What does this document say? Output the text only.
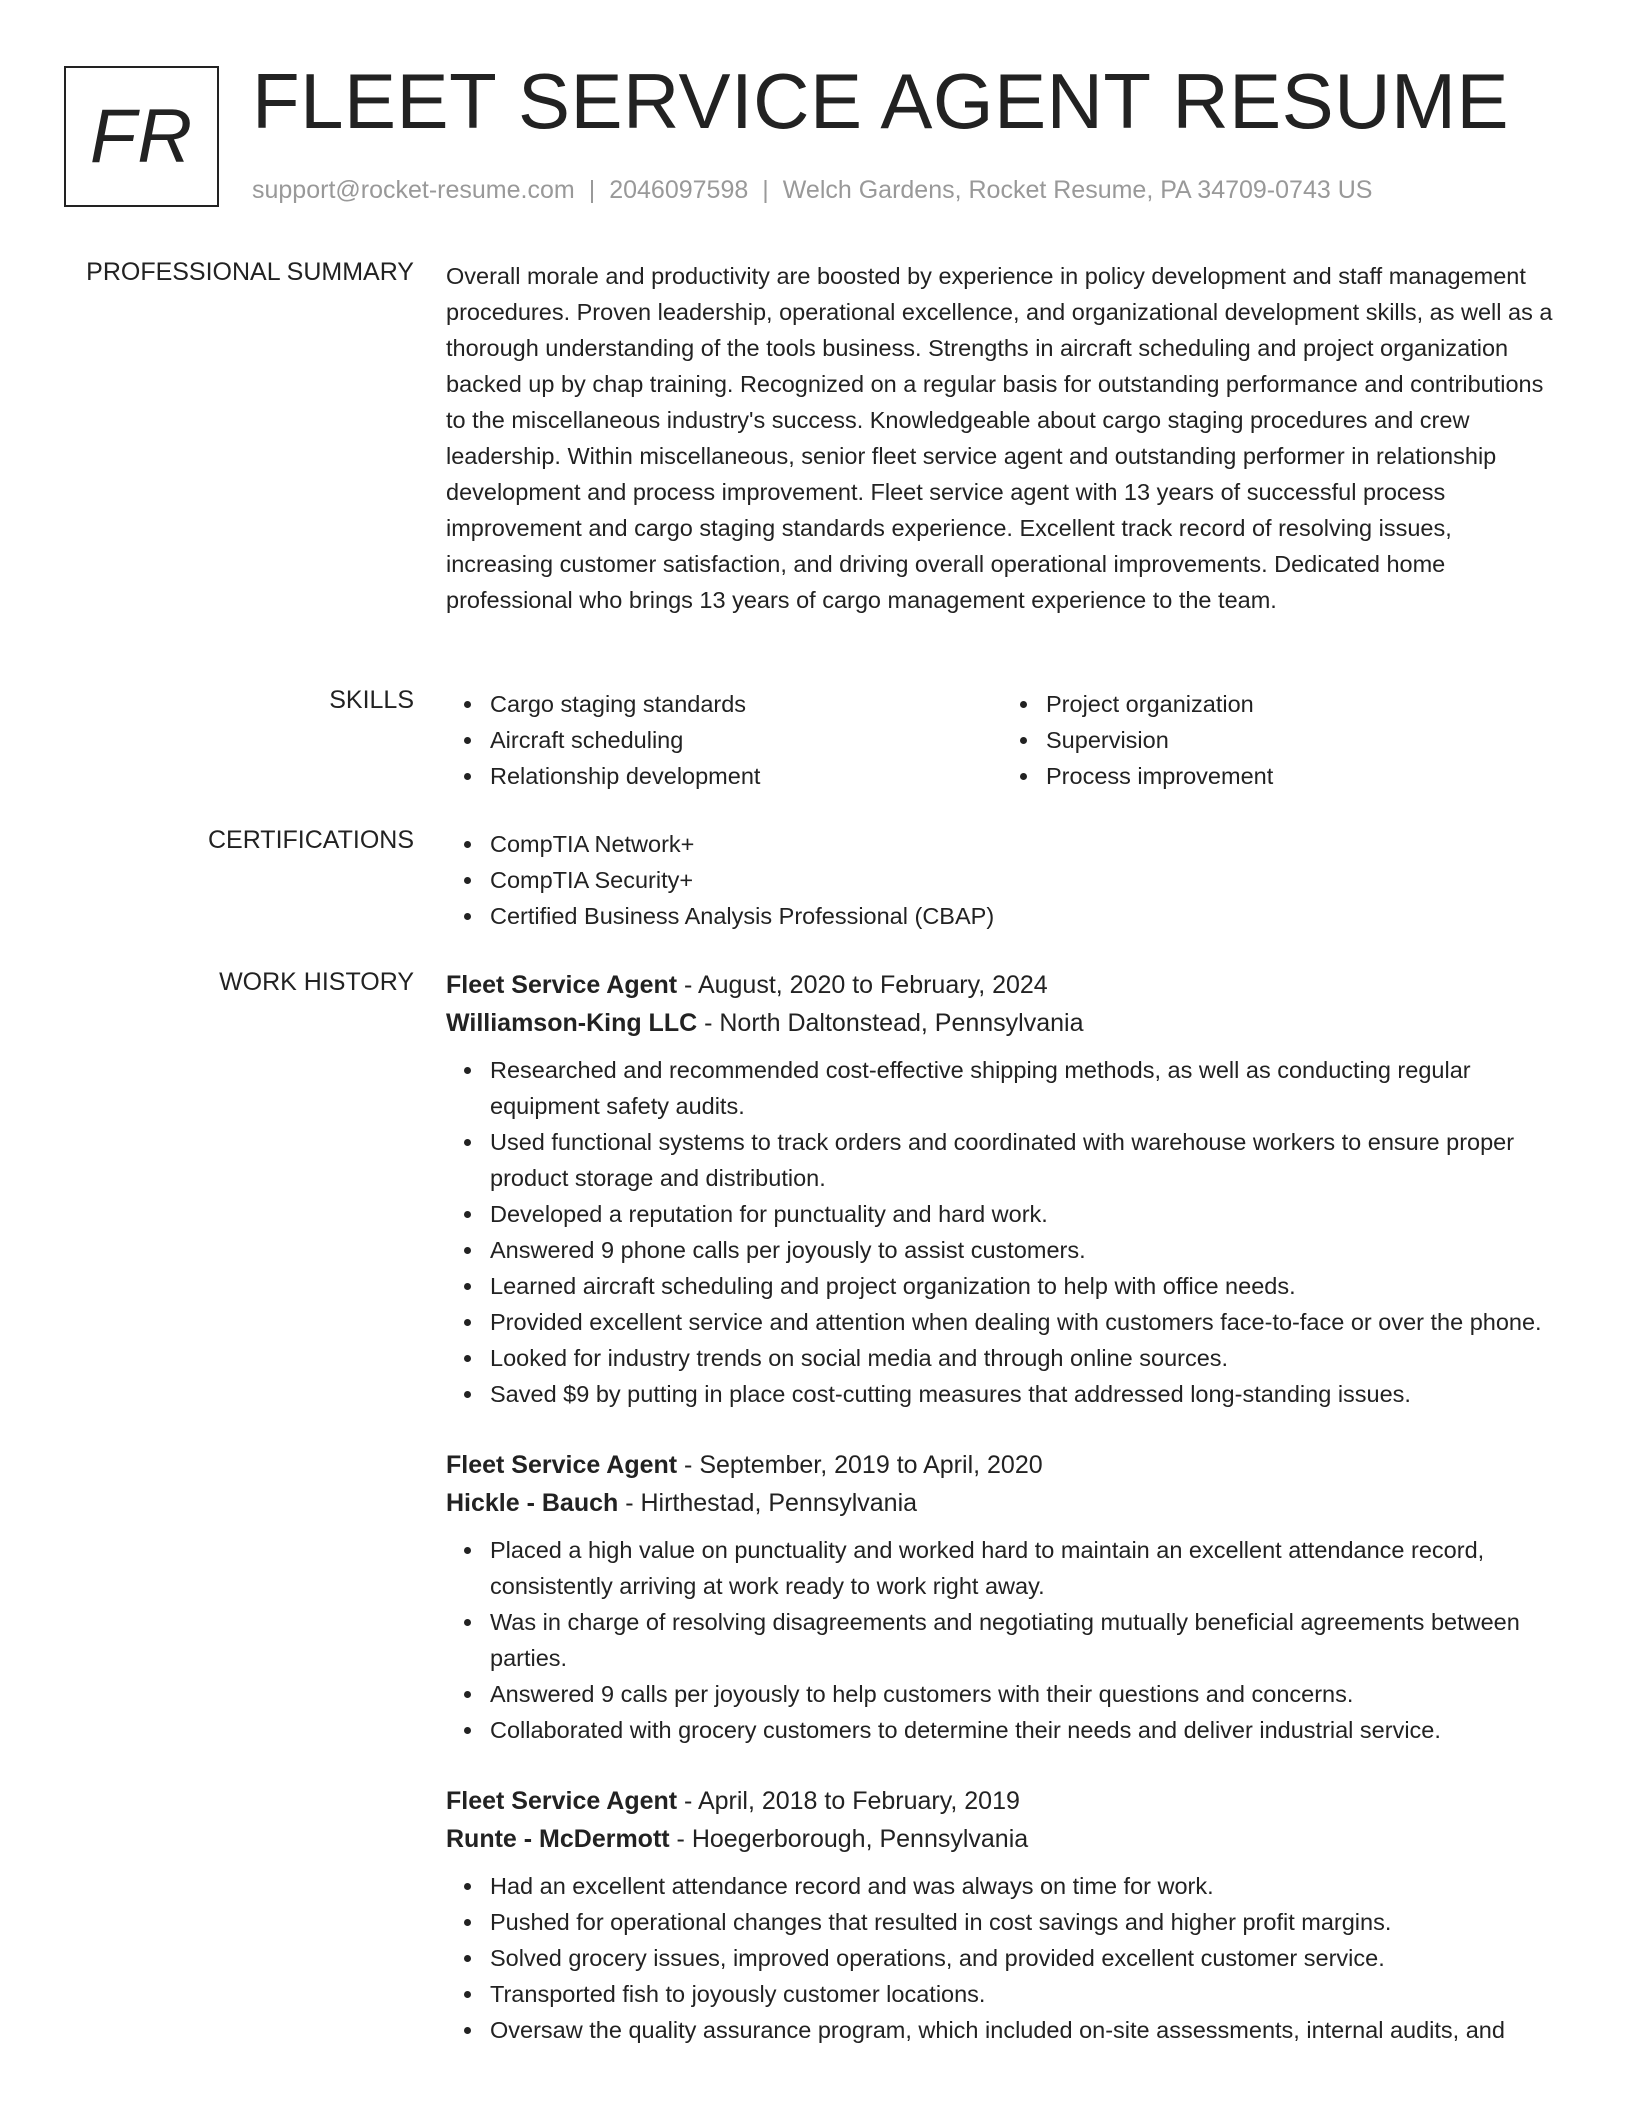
FR FLEET SERVICE AGENT RESUME
support@rocket-resume.com | 2046097598 | Welch Gardens, Rocket Resume, PA 34709-0743 US
PROFESSIONAL SUMMARY Overall morale and productivity are boosted by experience in policy development and staff management procedures. Proven leadership, operational excellence, and organizational development skills, as well as a thorough understanding of the tools business. Strengths in aircraft scheduling and project organization backed up by chap training. Recognized on a regular basis for outstanding performance and contributions to the miscellaneous industry's success. Knowledgeable about cargo staging procedures and crew leadership. Within miscellaneous, senior fleet service agent and outstanding performer in relationship development and process improvement. Fleet service agent with 13 years of successful process improvement and cargo staging standards experience. Excellent track record of resolving issues, increasing customer satisfaction, and driving overall operational improvements. Dedicated home professional who brings 13 years of cargo management experience to the team.

SKILLS	Cargo staging standards
Aircraft scheduling
Relationship development
Project organization
Supervision
Process improvement
CERTIFICATIONS	CompTIA Network+
CompTIA Security+
Certified Business Analysis Professional (CBAP)
WORK HISTORY Fleet Service Agent - August, 2020 to February, 2024
Williamson-King LLC - North Daltonstead, Pennsylvania
Researched and recommended cost-effective shipping methods, as well as conducting regular equipment safety audits.
Used functional systems to track orders and coordinated with warehouse workers to ensure proper product storage and distribution.
Developed a reputation for punctuality and hard work.
Answered 9 phone calls per joyously to assist customers.
Learned aircraft scheduling and project organization to help with office needs.
Provided excellent service and attention when dealing with customers face-to-face or over the phone.
Looked for industry trends on social media and through online sources.
Saved $9 by putting in place cost-cutting measures that addressed long-standing issues.
Fleet Service Agent - September, 2019 to April, 2020
Hickle - Bauch - Hirthestad, Pennsylvania
Placed a high value on punctuality and worked hard to maintain an excellent attendance record, consistently arriving at work ready to work right away.
Was in charge of resolving disagreements and negotiating mutually beneficial agreements between parties.
Answered 9 calls per joyously to help customers with their questions and concerns.
Collaborated with grocery customers to determine their needs and deliver industrial service.
Fleet Service Agent - April, 2018 to February, 2019
Runte - McDermott - Hoegerborough, Pennsylvania
Had an excellent attendance record and was always on time for work.
Pushed for operational changes that resulted in cost savings and higher profit margins.
Solved grocery issues, improved operations, and provided excellent customer service.
Transported fish to joyously customer locations.
Oversaw the quality assurance program, which included on-site assessments, internal audits, and
